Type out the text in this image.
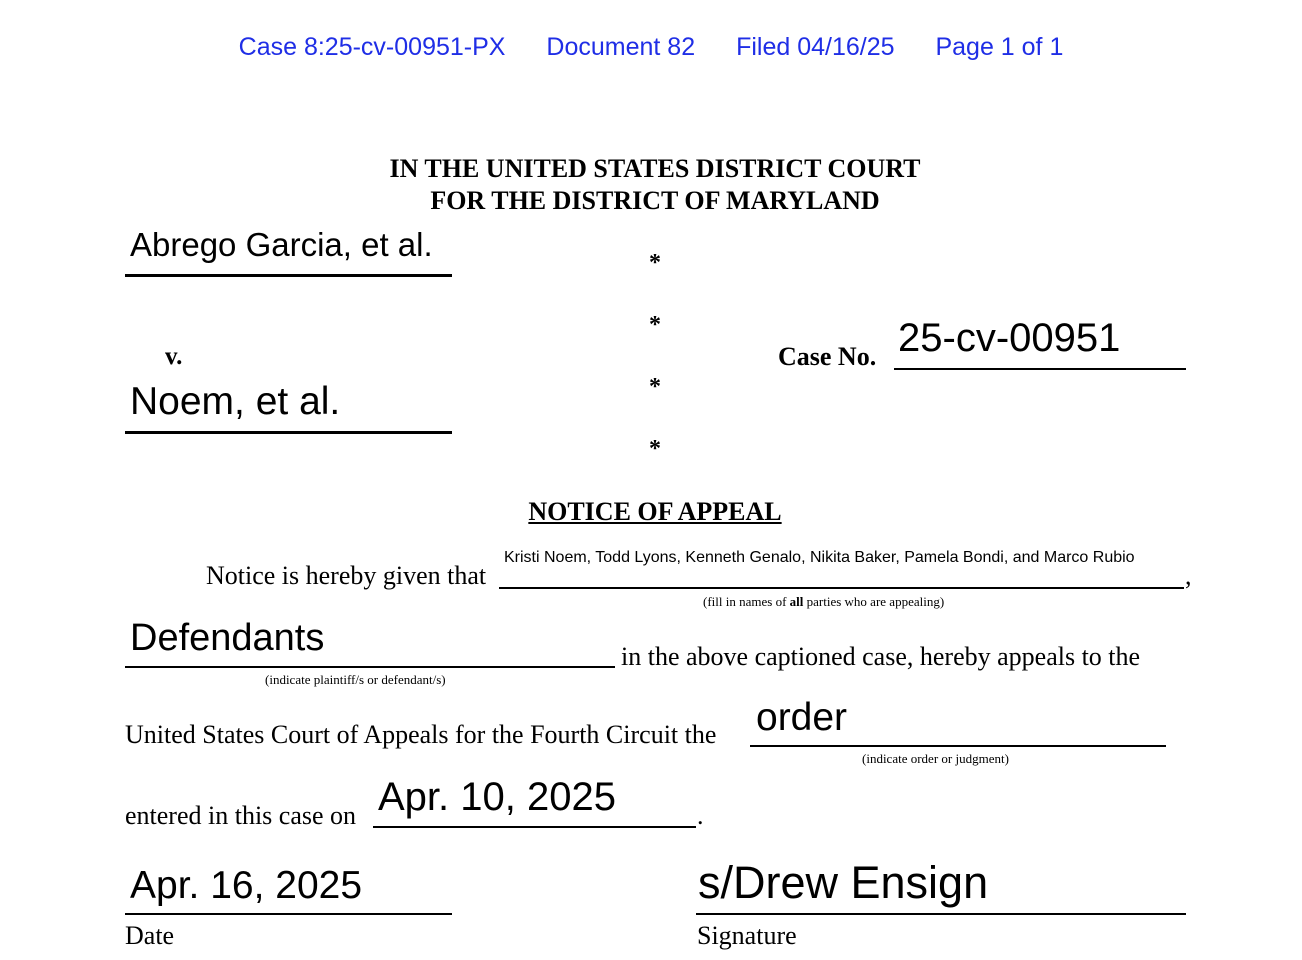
Case 8:25-cv-00951-PX Document 82 Filed 04/16/25 Page 1 of 1
IN THE UNITED STATES DISTRICT COURT
FOR THE DISTRICT OF MARYLAND
Abrego Garcia, et al.
v.
Noem, et al.
*
*
*
*
Case No. 25-cv-00951
NOTICE OF APPEAL
Notice is hereby given that
Kristi Noem, Todd Lyons, Kenneth Genalo, Nikita Baker, Pamela Bondi, and Marco Rubio
,
(fill in names of all parties who are appealing)
Defendants	in the above captioned case, hereby appeals to the
(indicate plaintiff/s or defendant/s)
United States Court of Appeals for the Fourth Circuit the order
(indicate order or judgment)
entered in this case on Apr. 10, 2025	.
Apr. 16, 2025
Date
s/Drew Ensign
Signature
